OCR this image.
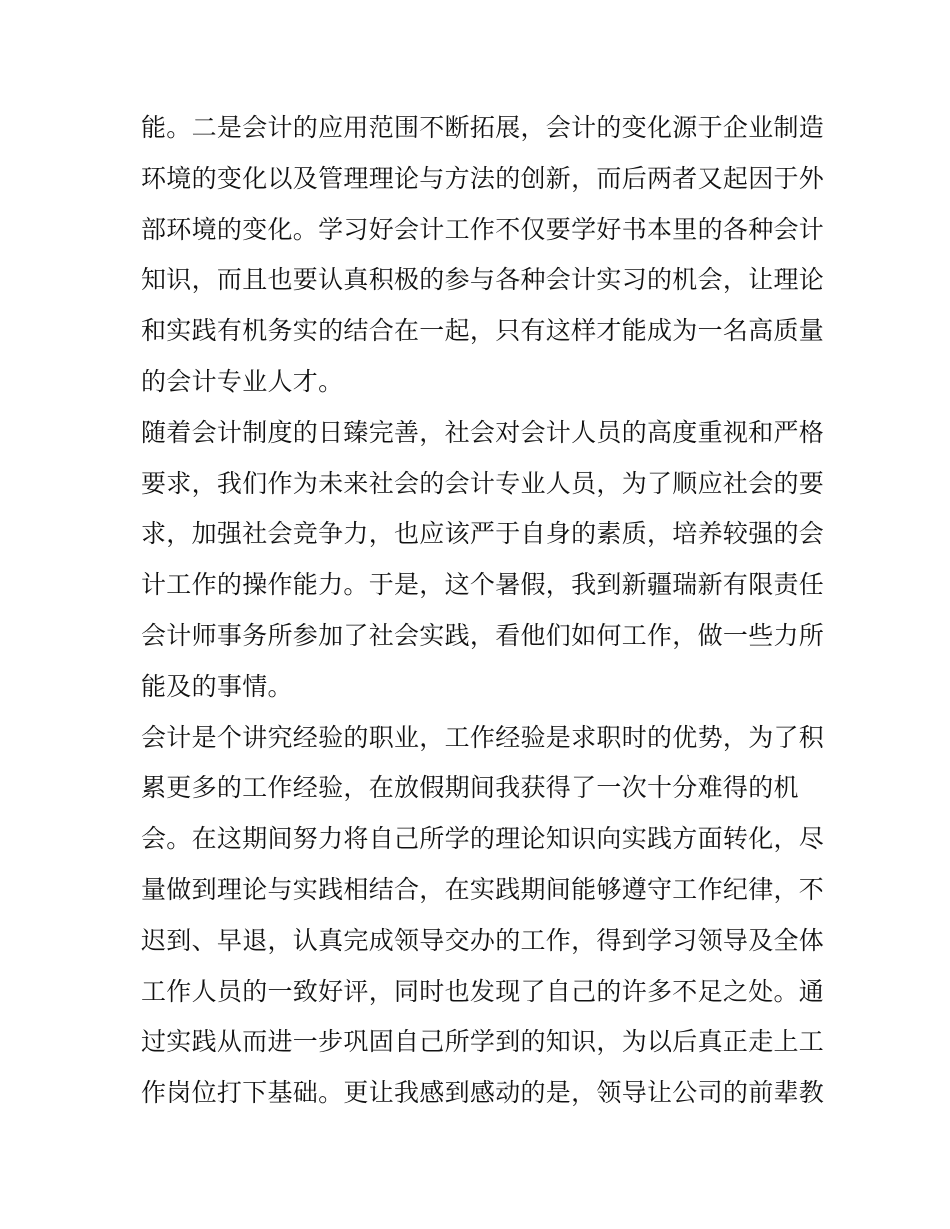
能。二是会计的应用范围不断拓展，会计的变化源于企业制造
环境的变化以及管理理论与方法的创新，而后两者又起因于外
部环境的变化。学习好会计工作不仅要学好书本里的各种会计
知识，而且也要认真积极的参与各种会计实习的机会，让理论
和实践有机务实的结合在一起，只有这样才能成为一名高质量
的会计专业人才。
随着会计制度的日臻完善，社会对会计人员的高度重视和严格
要求，我们作为未来社会的会计专业人员，为了顺应社会的要
求，加强社会竞争力，也应该严于自身的素质，培养较强的会
计工作的操作能力。于是，这个暑假，我到新疆瑞新有限责任
会计师事务所参加了社会实践，看他们如何工作，做一些力所
能及的事情。
会计是个讲究经验的职业，工作经验是求职时的优势，为了积
累更多的工作经验，在放假期间我获得了一次十分难得的机
会。在这期间努力将自己所学的理论知识向实践方面转化，尽
量做到理论与实践相结合，在实践期间能够遵守工作纪律，不
迟到、早退，认真完成领导交办的工作，得到学习领导及全体
工作人员的一致好评，同时也发现了自己的许多不足之处。通
过实践从而进一步巩固自己所学到的知识，为以后真正走上工
作岗位打下基础。更让我感到感动的是，领导让公司的前辈教
